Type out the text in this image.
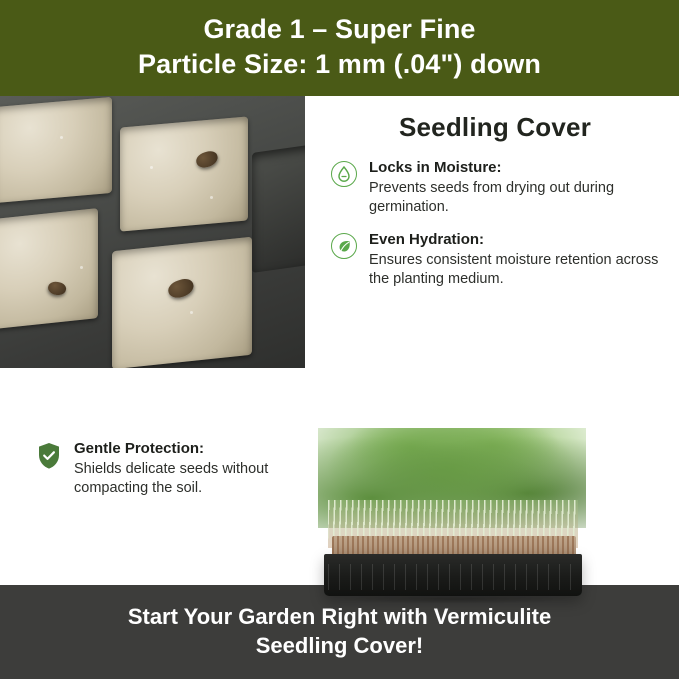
Grade 1 – Super Fine
Particle Size: 1 mm (.04") down
Seedling Cover
Locks in Moisture:
Prevents seeds from drying out during germination.
Even Hydration:
Ensures consistent moisture retention across the planting medium.
Gentle Protection:
Shields delicate seeds without compacting the soil.
Start Your Garden Right with Vermiculite
Seedling Cover!
